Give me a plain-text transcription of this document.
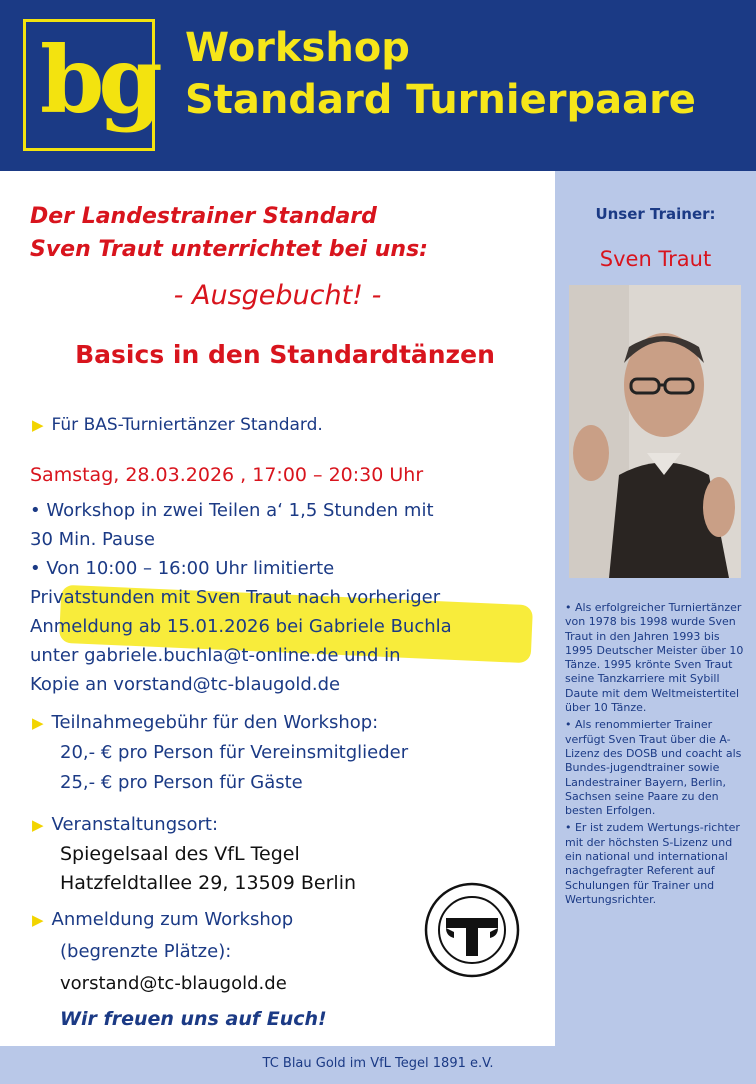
bg Workshop
Standard Turnierpaare
Der Landestrainer Standard
Sven Traut unterrichtet bei uns:
- Ausgebucht! -
Basics in den Standardtänzen
▶ Für BAS-Turniertänzer Standard.
Samstag, 28.03.2026 , 17:00 – 20:30 Uhr
• Workshop in zwei Teilen a‘ 1,5 Stunden mit
30 Min. Pause
• Von 10:00 – 16:00 Uhr limitierte
Privatstunden mit Sven Traut nach vorheriger
Anmeldung ab 15.01.2026 bei Gabriele Buchla
unter gabriele.buchla@t-online.de und in
Kopie an vorstand@tc-blaugold.de
▶ Teilnahmegebühr für den Workshop:
20,- € pro Person für Vereinsmitglieder
25,- € pro Person für Gäste
▶ Veranstaltungsort:
Spiegelsaal des VfL Tegel
Hatzfeldtallee 29, 13509 Berlin
▶ Anmeldung zum Workshop
(begrenzte Plätze):
vorstand@tc-blaugold.de
Wir freuen uns auf Euch!
Unser Trainer:
Sven Traut

• Als erfolgreicher Turniertänzer von 1978 bis 1998 wurde Sven Traut in den Jahren 1993 bis 1995 Deutscher Meister über 10 Tänze. 1995 krönte Sven Traut seine Tanzkarriere mit Sybill Daute mit dem Weltmeistertitel über 10 Tänze.

• Als renommierter Trainer verfügt Sven Traut über die A-Lizenz des DOSB und coacht als Bundes-jugendtrainer sowie Landestrainer Bayern, Berlin, Sachsen seine Paare zu den besten Erfolgen.

• Er ist zudem Wertungs-richter mit der höchsten S-Lizenz und ein national und international nachgefragter Referent auf Schulungen für Trainer und Wertungsrichter.

TC Blau Gold im VfL Tegel 1891 e.V.
